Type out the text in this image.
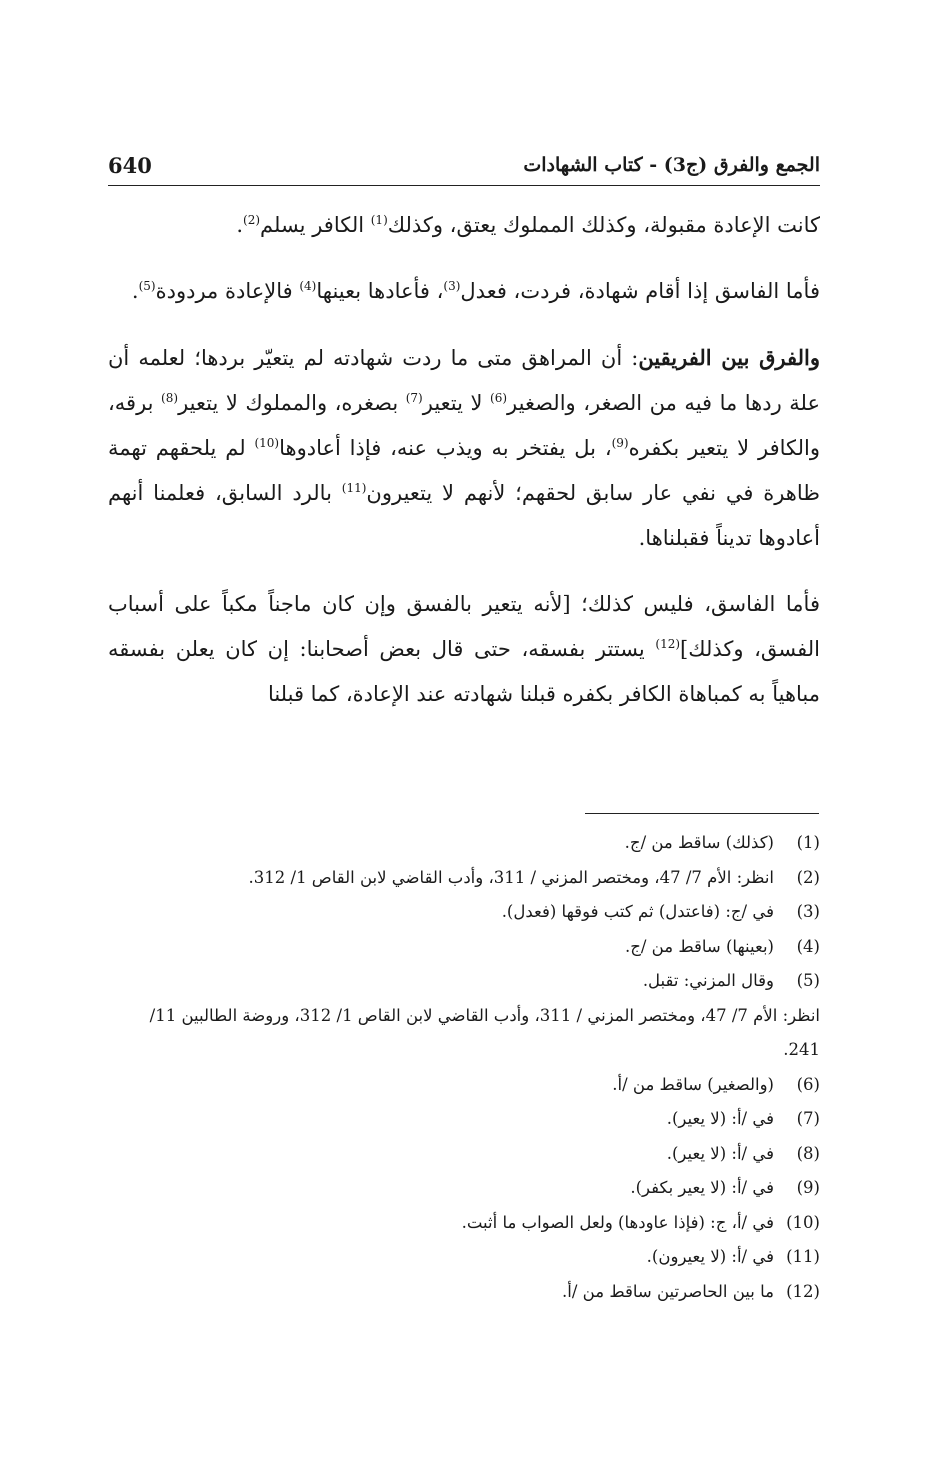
الجمع والفرق (ج3) - كتاب الشهادات
640

كانت الإعادة مقبولة، وكذلك المملوك يعتق، وكذلك$^{(1)}$ الكافر يسلم$^{(2)}$.

فأما الفاسق إذا أقام شهادة، فردت، فعدل$^{(3)}$، فأعادها بعينها$^{(4)}$ فالإعادة مردودة$^{(5)}$.

والفرق بين الفريقين: أن المراهق متى ما ردت شهادته لم يتعيّر بردها؛ لعلمه أن علة ردها ما فيه من الصغر، والصغير$^{(6)}$ لا يتعير$^{(7)}$ بصغره، والمملوك لا يتعير$^{(8)}$ برقه، والكافر لا يتعير بكفره$^{(9)}$، بل يفتخر به ويذب عنه، فإذا أعادوها$^{(10)}$ لم يلحقهم تهمة ظاهرة في نفي عار سابق لحقهم؛ لأنهم لا يتعيرون$^{(11)}$ بالرد السابق، فعلمنا أنهم أعادوها تديناً فقبلناها.

فأما الفاسق، فليس كذلك؛ [لأنه يتعير بالفسق وإن كان ماجناً مكباً على أسباب الفسق، وكذلك]$^{(12)}$ يستتر بفسقه، حتى قال بعض أصحابنا: إن كان يعلن بفسقه مباهياً به كمباهاة الكافر بكفره قبلنا شهادته عند الإعادة، كما قبلنا

(1)
(كذلك) ساقط من /ج.
(2)
انظر: الأم 7/ 47، ومختصر المزني / 311، وأدب القاضي لابن القاص 1/ 312.
(3)
في /ج: (فاعتدل) ثم كتب فوقها (فعدل).
(4)
(بعينها) ساقط من /ج.
(5)
وقال المزني: تقبل.
انظر: الأم 7/ 47، ومختصر المزني / 311، وأدب القاضي لابن القاص 1/ 312، وروضة الطالبين 11/ 241.
(6)
(والصغير) ساقط من /أ.
(7)
في /أ: (لا يعير).
(8)
في /أ: (لا يعير).
(9)
في /أ: (لا يعير بكفر).
(10)
في /أ، ج: (فإذا عاودها) ولعل الصواب ما أثبت.
(11)
في /أ: (لا يعيرون).
(12)
ما بين الحاصرتين ساقط من /أ.
